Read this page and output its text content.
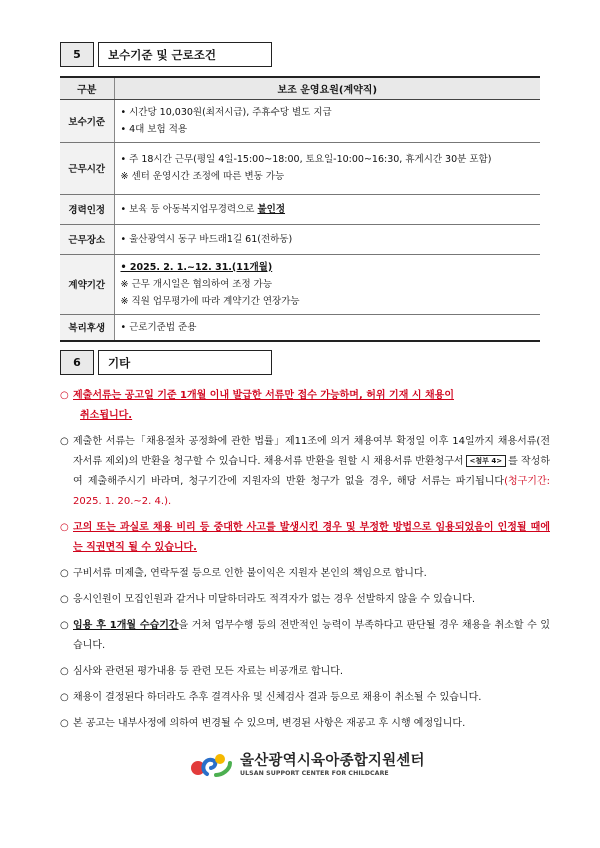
5	보수기준 및 근로조건
구분	보조 운영요원(계약직)
보수기준	• 시간당 10,030원(최저시급), 주휴수당 별도 지급
• 4대 보험 적용

근무시간	• 주 18시간 근무(평일 4일-15:00~18:00, 토요일-10:00~16:30, 휴게시간 30분 포함)
※ 센터 운영시간 조정에 따른 변동 가능

경력인정	• 보육 등 아동복지업무경력으로 불인정
근무장소	• 울산광역시 동구 바드래1길 61(전하동)

계약기간	• 2025. 2. 1.~12. 31.(11개월)
※ 근무 개시일은 협의하여 조정 가능
※ 직원 업무평가에 따라 계약기간 연장가능

복리후생	• 근로기준법 준용
6	기타
○ 제출서류는 공고일 기준 1개월 이내 발급한 서류만 접수 가능하며, 허위 기재 시 채용이
취소됩니다.
○ 제출한 서류는「채용절차 공정화에 관한 법률」제11조에 의거 채용여부 확정일 이후 14일까지 채용서류(전자서류 제외)의 반환을 청구할 수 있습니다. 채용서류 반환을 원할 시 채용서류 반환청구서 <첨부 4> 를 작성하여 제출해주시기 바라며, 청구기간에 지원자의 반환 청구가 없을 경우, 해당 서류는 파기됩니다(청구기간: 2025. 1. 20.~2. 4.).
○ 고의 또는 과실로 채용 비리 등 중대한 사고를 발생시킨 경우 및 부정한 방법으로 임용되었음이 인정될 때에는 직권면직 될 수 있습니다.
○ 구비서류 미제출, 연락두절 등으로 인한 불이익은 지원자 본인의 책임으로 합니다.
○ 응시인원이 모집인원과 같거나 미달하더라도 적격자가 없는 경우 선발하지 않을 수 있습니다.
○ 임용 후 1개월 수습기간을 거쳐 업무수행 등의 전반적인 능력이 부족하다고 판단될 경우 채용을 취소할 수 있습니다.
○ 심사와 관련된 평가내용 등 관련 모든 자료는 비공개로 합니다.
○ 채용이 결정된다 하더라도 추후 결격사유 및 신체검사 결과 등으로 채용이 취소될 수 있습니다.
○ 본 공고는 내부사정에 의하여 변경될 수 있으며, 변경된 사항은 재공고 후 시행 예정입니다.
울산광역시육아종합지원센터
ULSAN SUPPORT CENTER FOR CHILDCARE
